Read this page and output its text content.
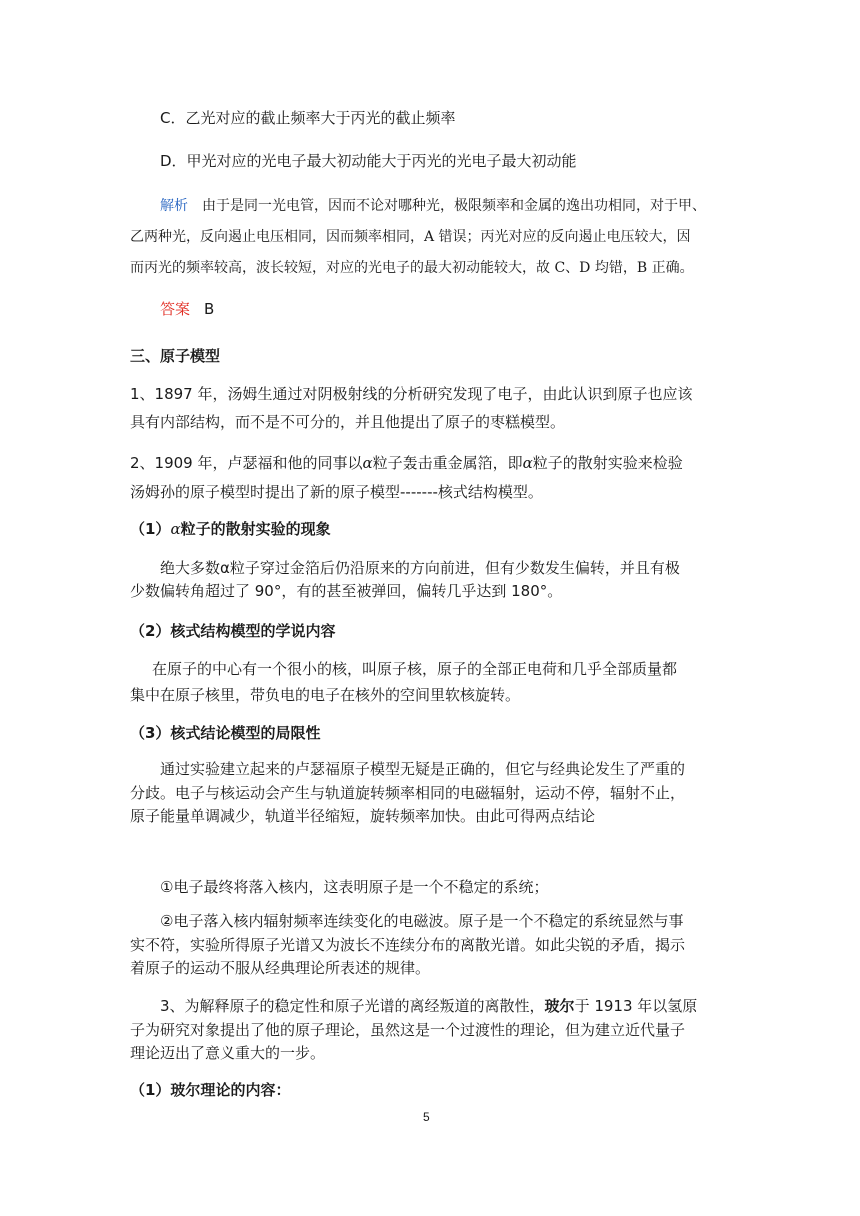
C．乙光对应的截止频率大于丙光的截止频率
D．甲光对应的光电子最大初动能大于丙光的光电子最大初动能
解析 由于是同一光电管，因而不论对哪种光，极限频率和金属的逸出功相同，对于甲、
乙两种光，反向遏止电压相同，因而频率相同，A 错误；丙光对应的反向遏止电压较大，因
而丙光的频率较高，波长较短，对应的光电子的最大初动能较大，故 C、D 均错，B 正确。
答案 B
三、原子模型
1、1897 年，汤姆生通过对阴极射线的分析研究发现了电子，由此认识到原子也应该
具有内部结构，而不是不可分的，并且他提出了原子的枣糕模型。
2、1909 年，卢瑟福和他的同事以α粒子轰击重金属箔，即α粒子的散射实验来检验
汤姆孙的原子模型时提出了新的原子模型-------核式结构模型。
（1）α粒子的散射实验的现象
绝大多数α粒子穿过金箔后仍沿原来的方向前进，但有少数发生偏转，并且有极
少数偏转角超过了 90°，有的甚至被弹回，偏转几乎达到 180°。
（2）核式结构模型的学说内容
在原子的中心有一个很小的核，叫原子核，原子的全部正电荷和几乎全部质量都
集中在原子核里，带负电的电子在核外的空间里软核旋转。
（3）核式结论模型的局限性
通过实验建立起来的卢瑟福原子模型无疑是正确的，但它与经典论发生了严重的
分歧。电子与核运动会产生与轨道旋转频率相同的电磁辐射，运动不停，辐射不止，
原子能量单调减少，轨道半径缩短，旋转频率加快。由此可得两点结论
①电子最终将落入核内，这表明原子是一个不稳定的系统；
②电子落入核内辐射频率连续变化的电磁波。原子是一个不稳定的系统显然与事
实不符，实验所得原子光谱又为波长不连续分布的离散光谱。如此尖锐的矛盾，揭示
着原子的运动不服从经典理论所表述的规律。
3、为解释原子的稳定性和原子光谱的离经叛道的离散性，玻尔于 1913 年以氢原
子为研究对象提出了他的原子理论，虽然这是一个过渡性的理论，但为建立近代量子
理论迈出了意义重大的一步。
（1）玻尔理论的内容：
5
